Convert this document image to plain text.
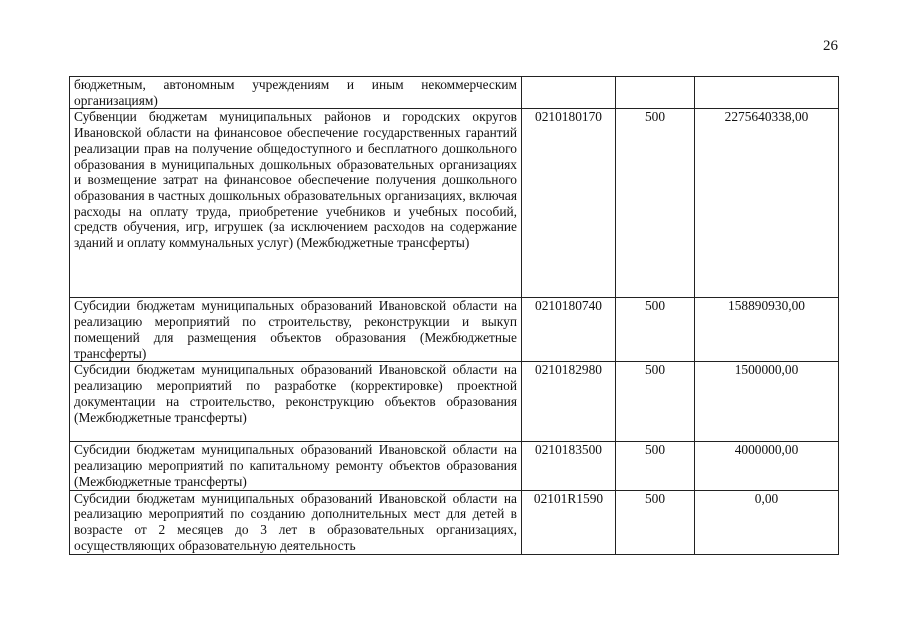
26
бюджетным, автономным учреждениям и иным некоммерческим организациям)			
Субвенции бюджетам муниципальных районов и городских округов Ивановской области на финансовое обеспечение государственных гарантий реализации прав на получение общедоступного и бесплатного дошкольного образования в муниципальных дошкольных образовательных организациях и возмещение затрат на финансовое обеспечение получения дошкольного образования в частных дошкольных образовательных организациях, включая расходы на оплату труда, приобретение учебников и учебных пособий, средств обучения, игр, игрушек (за исключением расходов на содержание зданий и оплату коммунальных услуг) (Межбюджетные трансферты)	0210180170	500	2275640338,00
Субсидии бюджетам муниципальных образований Ивановской области на реализацию мероприятий по строительству, реконструкции и выкуп помещений для размещения объектов образования (Межбюджетные трансферты)	0210180740	500	158890930,00
Субсидии бюджетам муниципальных образований Ивановской области на реализацию мероприятий по разработке (корректировке) проектной документации на строительство, реконструкцию объектов образования (Межбюджетные трансферты)	0210182980	500	1500000,00
Субсидии бюджетам муниципальных образований Ивановской области на реализацию мероприятий по капитальному ремонту объектов образования (Межбюджетные трансферты)	0210183500	500	4000000,00
Субсидии бюджетам муниципальных образований Ивановской области на реализацию мероприятий по созданию дополнительных мест для детей в возрасте от 2 месяцев до 3 лет в образовательных организациях, осуществляющих образовательную деятельность	02101R1590	500	0,00
